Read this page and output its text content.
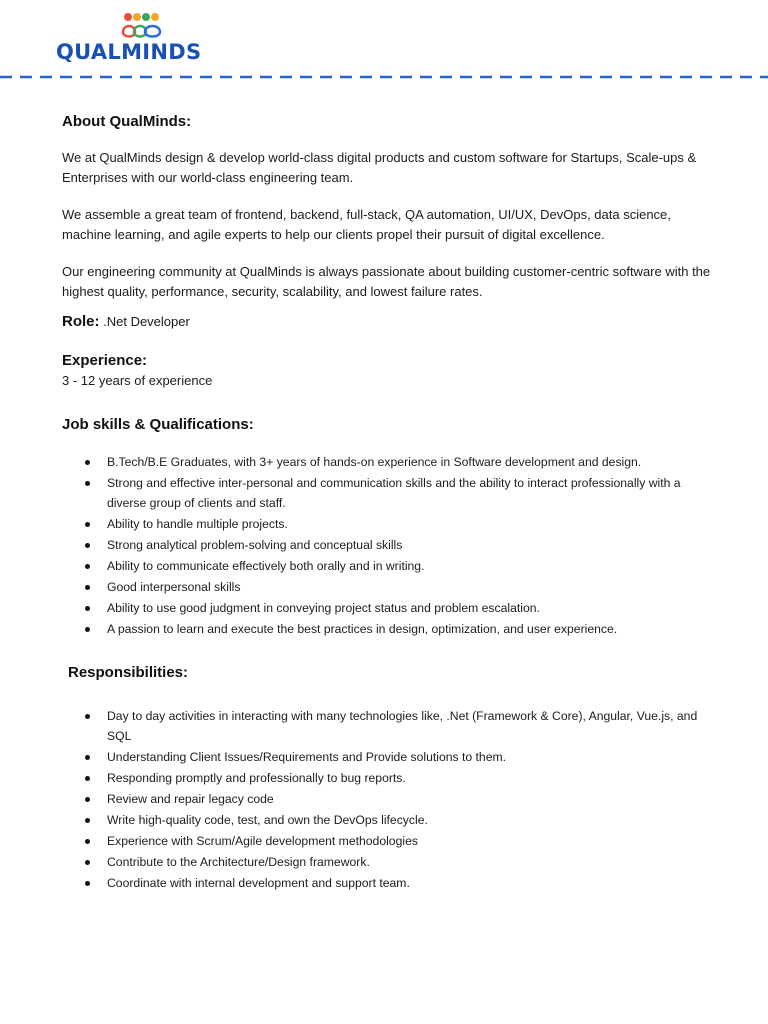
QUALMINDS
About QualMinds:

We at QualMinds design & develop world-class digital products and custom software for Startups, Scale-ups & Enterprises with our world-class engineering team.

We assemble a great team of frontend, backend, full-stack, QA automation, UI/UX, DevOps, data science, machine learning, and agile experts to help our clients propel their pursuit of digital excellence.

Our engineering community at QualMinds is always passionate about building customer-centric software with the highest quality, performance, security, scalability, and lowest failure rates.

Role: .Net Developer
Experience:

3 - 12 years of experience

Job skills & Qualifications:
B.Tech/B.E Graduates, with 3+ years of hands-on experience in Software development and design.
Strong and effective inter-personal and communication skills and the ability to interact professionally with a diverse group of clients and staff.
Ability to handle multiple projects.
Strong analytical problem-solving and conceptual skills
Ability to communicate effectively both orally and in writing.
Good interpersonal skills
Ability to use good judgment in conveying project status and problem escalation.
A passion to learn and execute the best practices in design, optimization, and user experience.
Responsibilities:
Day to day activities in interacting with many technologies like, .Net (Framework & Core), Angular, Vue.js, and SQL
Understanding Client Issues/Requirements and Provide solutions to them.
Responding promptly and professionally to bug reports.
Review and repair legacy code
Write high-quality code, test, and own the DevOps lifecycle.
Experience with Scrum/Agile development methodologies
Contribute to the Architecture/Design framework.
Coordinate with internal development and support team.
